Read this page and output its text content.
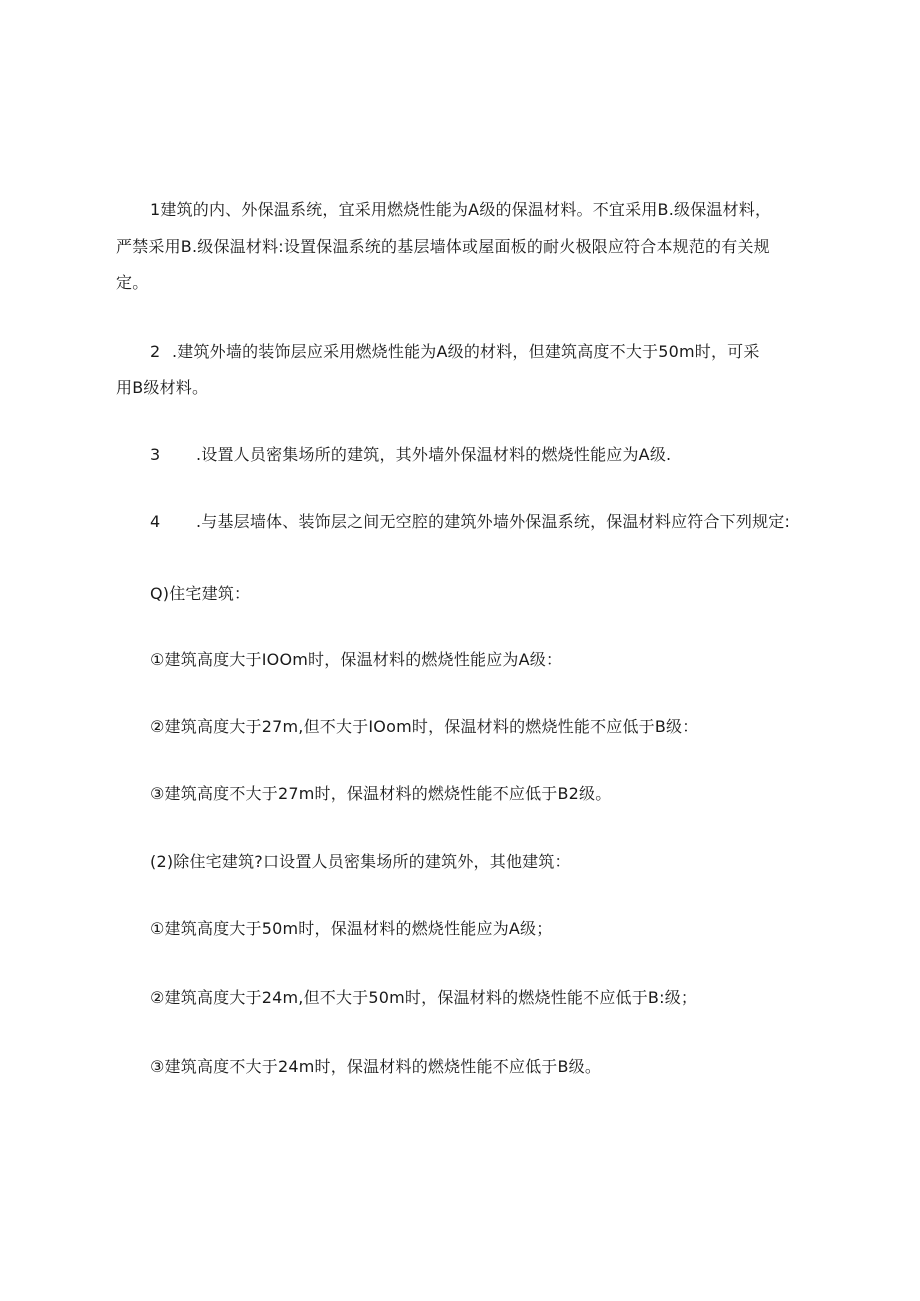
1建筑的内、外保温系统，宜采用燃烧性能为A级的保温材料。不宜采用B.级保温材料，
严禁采用B.级保温材料:设置保温系统的基层墙体或屋面板的耐火极限应符合本规范的有关规
定。
2 .建筑外墙的装饰层应采用燃烧性能为A级的材料，但建筑高度不大于50m时，可采
用B级材料。
3 .设置人员密集场所的建筑，其外墙外保温材料的燃烧性能应为A级.
4 .与基层墙体、装饰层之间无空腔的建筑外墙外保温系统，保温材料应符合下列规定:
Q)住宅建筑：
①建筑高度大于IOOm时，保温材料的燃烧性能应为A级：
②建筑高度大于27m,但不大于IOom时，保温材料的燃烧性能不应低于B级：
③建筑高度不大于27m时，保温材料的燃烧性能不应低于B2级。
(2)除住宅建筑?口设置人员密集场所的建筑外，其他建筑：
①建筑高度大于50m时，保温材料的燃烧性能应为A级；
②建筑高度大于24m,但不大于50m时，保温材料的燃烧性能不应低于B:级；
③建筑高度不大于24m时，保温材料的燃烧性能不应低于B级。
